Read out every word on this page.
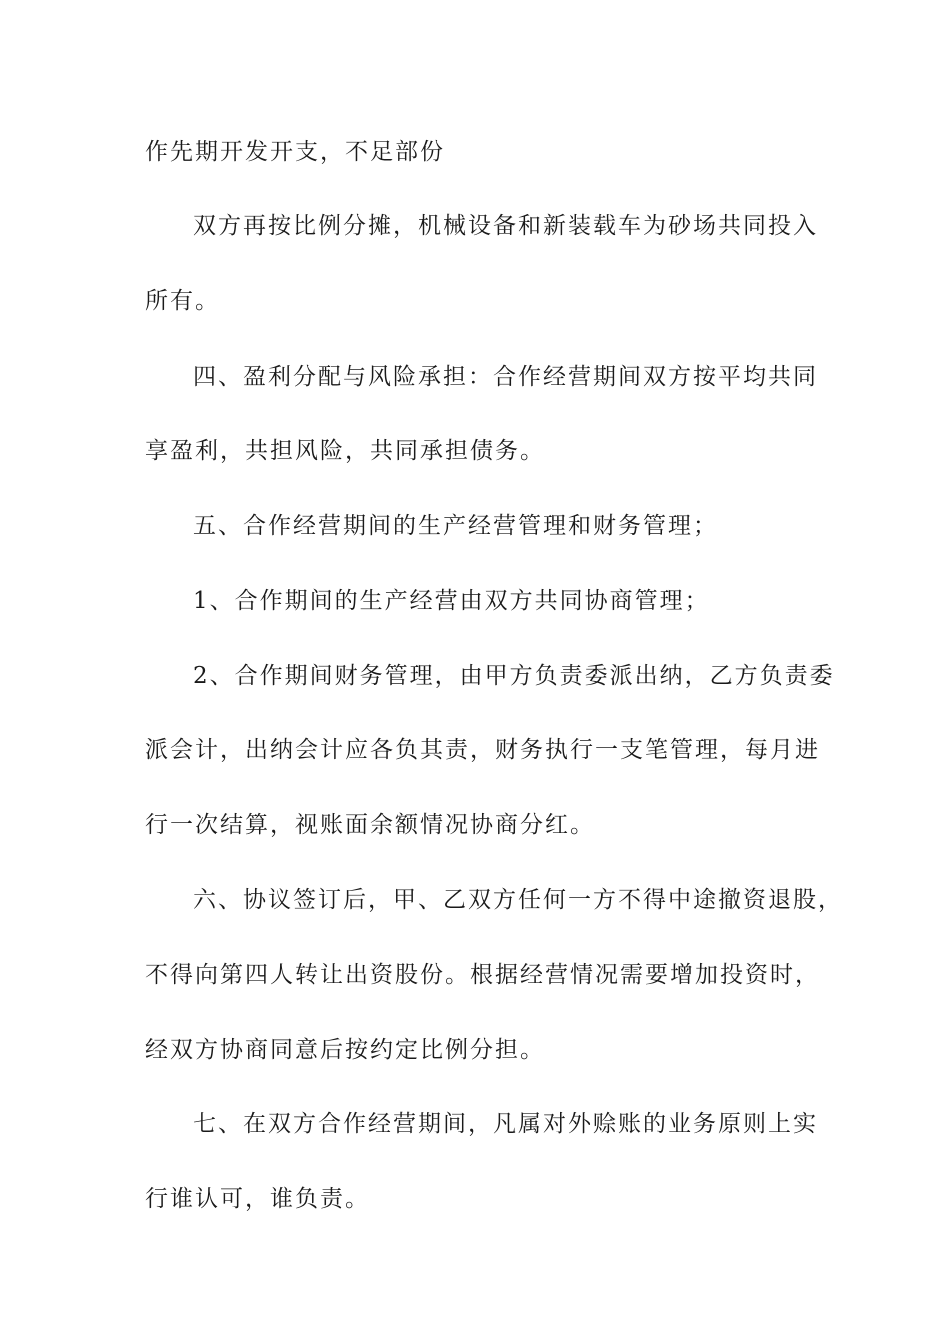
作先期开发开支，不足部份
双方再按比例分摊，机械设备和新装载车为砂场共同投入
所有。
四、盈利分配与风险承担：合作经营期间双方按平均共同
享盈利，共担风险，共同承担债务。
五、合作经营期间的生产经营管理和财务管理；
1、合作期间的生产经营由双方共同协商管理；
2、合作期间财务管理，由甲方负责委派出纳，乙方负责委
派会计，出纳会计应各负其责，财务执行一支笔管理，每月进
行一次结算，视账面余额情况协商分红。
六、协议签订后，甲、乙双方任何一方不得中途撤资退股，
不得向第四人转让出资股份。根据经营情况需要增加投资时，
经双方协商同意后按约定比例分担。
七、在双方合作经营期间，凡属对外赊账的业务原则上实
行谁认可，谁负责。
